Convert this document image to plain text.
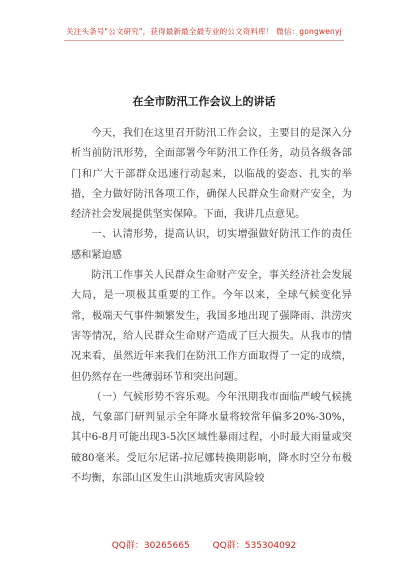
关注头条号"公文研究"，获得最新最全最专业的公文资料库！ 微信：gongwenyj
在全市防汛工作会议上的讲话

今天，我们在这里召开防汛工作会议，主要目的是深入分析当前防汛形势，全面部署今年防汛工作任务，动员各级各部门和广大干部群众迅速行动起来，以临战的姿态、扎实的举措，全力做好防汛各项工作，确保人民群众生命财产安全，为经济社会发展提供坚实保障。下面，我讲几点意见。

一、认清形势，提高认识，切实增强做好防汛工作的责任感和紧迫感

防汛工作事关人民群众生命财产安全，事关经济社会发展大局，是一项极其重要的工作。今年以来，全球气候变化异常，极端天气事件频繁发生，我国多地出现了强降雨、洪涝灾害等情况，给人民群众生命财产造成了巨大损失。从我市的情况来看，虽然近年来我们在防汛工作方面取得了一定的成绩，但仍然存在一些薄弱环节和突出问题。

（一）气候形势不容乐观。今年汛期我市面临严峻气候挑战，气象部门研判显示全年降水量将较常年偏多20%-30%，其中6-8月可能出现3-5次区域性暴雨过程，小时最大雨量或突破80毫米。受厄尔尼诺-拉尼娜转换期影响，降水时空分布极不均衡，东部山区发生山洪地质灾害风险较

QQ群：30265665	QQ群：535304092
